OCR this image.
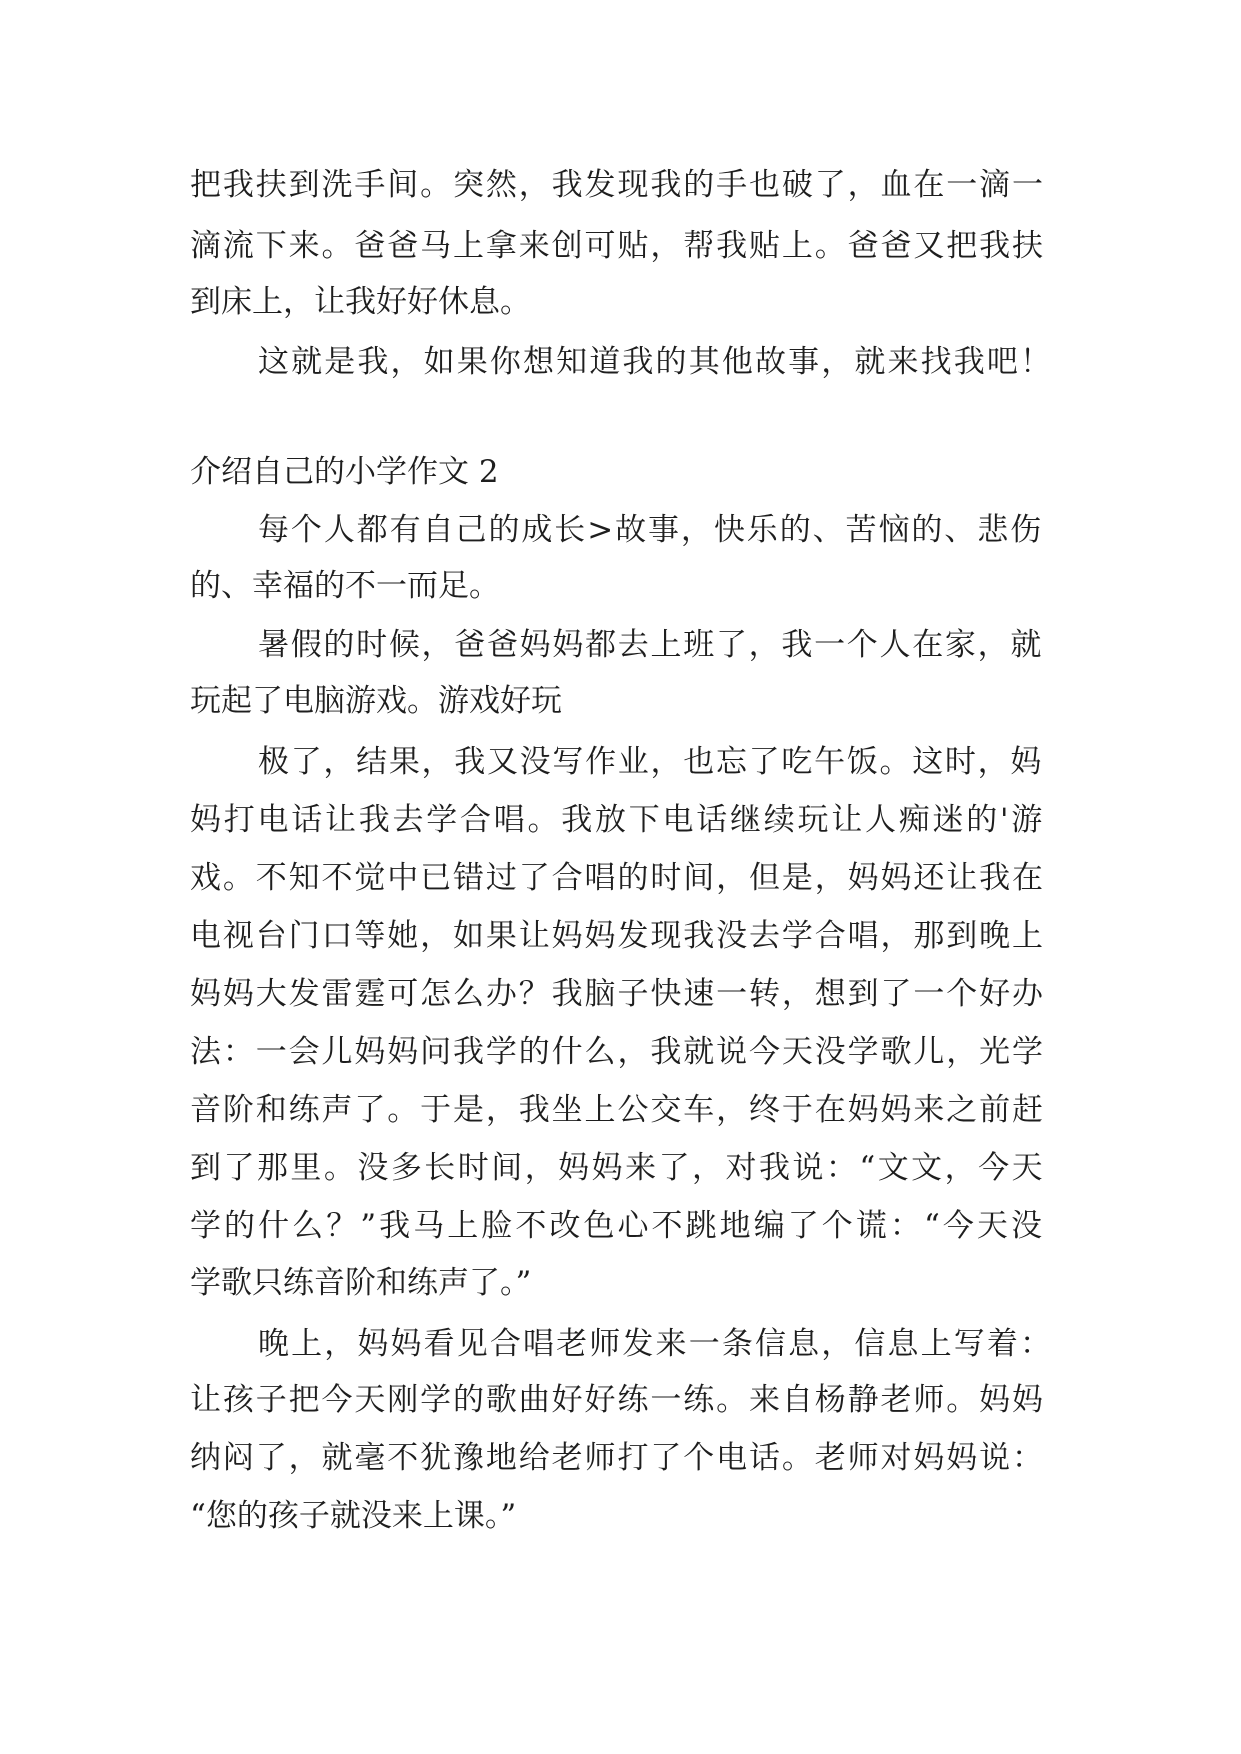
把我扶到洗手间。突然，我发现我的手也破了，血在一滴一
滴流下来。爸爸马上拿来创可贴，帮我贴上。爸爸又把我扶
到床上，让我好好休息。
这就是我，如果你想知道我的其他故事，就来找我吧！
介绍自己的小学作文 2
每个人都有自己的成长>故事，快乐的、苦恼的、悲伤
的、幸福的不一而足。
暑假的时候，爸爸妈妈都去上班了，我一个人在家，就
玩起了电脑游戏。游戏好玩
极了，结果，我又没写作业，也忘了吃午饭。这时，妈
妈打电话让我去学合唱。我放下电话继续玩让人痴迷的'游
戏。不知不觉中已错过了合唱的时间，但是，妈妈还让我在
电视台门口等她，如果让妈妈发现我没去学合唱，那到晚上
妈妈大发雷霆可怎么办？我脑子快速一转，想到了一个好办
法：一会儿妈妈问我学的什么，我就说今天没学歌儿，光学
音阶和练声了。于是，我坐上公交车，终于在妈妈来之前赶
到了那里。没多长时间，妈妈来了，对我说：“文文，今天
学的什么？”我马上脸不改色心不跳地编了个谎：“今天没
学歌只练音阶和练声了。”
晚上，妈妈看见合唱老师发来一条信息，信息上写着：
让孩子把今天刚学的歌曲好好练一练。来自杨静老师。妈妈
纳闷了，就毫不犹豫地给老师打了个电话。老师对妈妈说：
“您的孩子就没来上课。”
